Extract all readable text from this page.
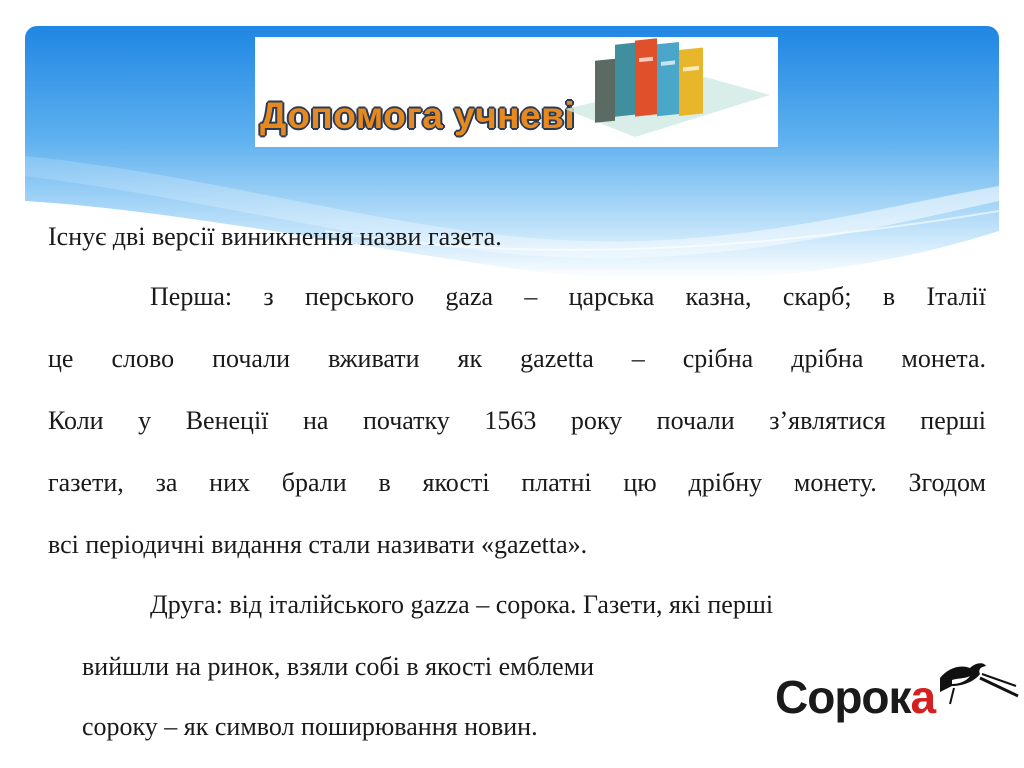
Допомога учневі

Існує дві версії виникнення назви газета.

Перша: з перського gaza – царська казна, скарб; в Італії

це слово почали вживати як gazetta – срібна дрібна монета.

Коли у Венеції на початку 1563 року почали з’являтися перші

газети, за них брали в якості платні цю дрібну монету. Згодом

всі періодичні видання стали називати «gazetta».

Друга: від італійського gazza – сорока. Газети, які перші

вийшли на ринок, взяли собі в якості емблеми

сороку – як символ поширювання новин.

Сорока
